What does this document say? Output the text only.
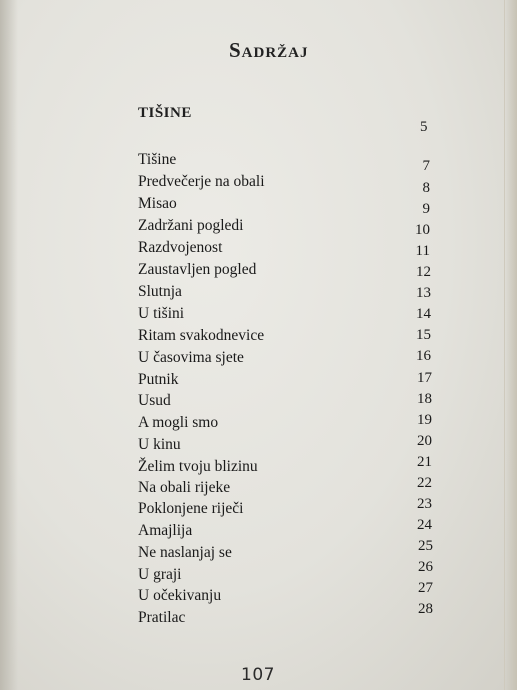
Sadržaj
TIŠINE
5
Tišine
Predvečerje na obali
Misao
Zadržani pogledi
Razdvojenost
Zaustavljen pogled
Slutnja
U tišini
Ritam svakodnevice
U časovima sjete
Putnik
Usud
A mogli smo
U kinu
Želim tvoju blizinu
Na obali rijeke
Poklonjene riječi
Amajlija
Ne naslanjaj se
U graji
U očekivanju
Pratilac
7
8
9
10
11
12
13
14
15
16
17
18
19
20
21
22
23
24
25
26
27
28
107
